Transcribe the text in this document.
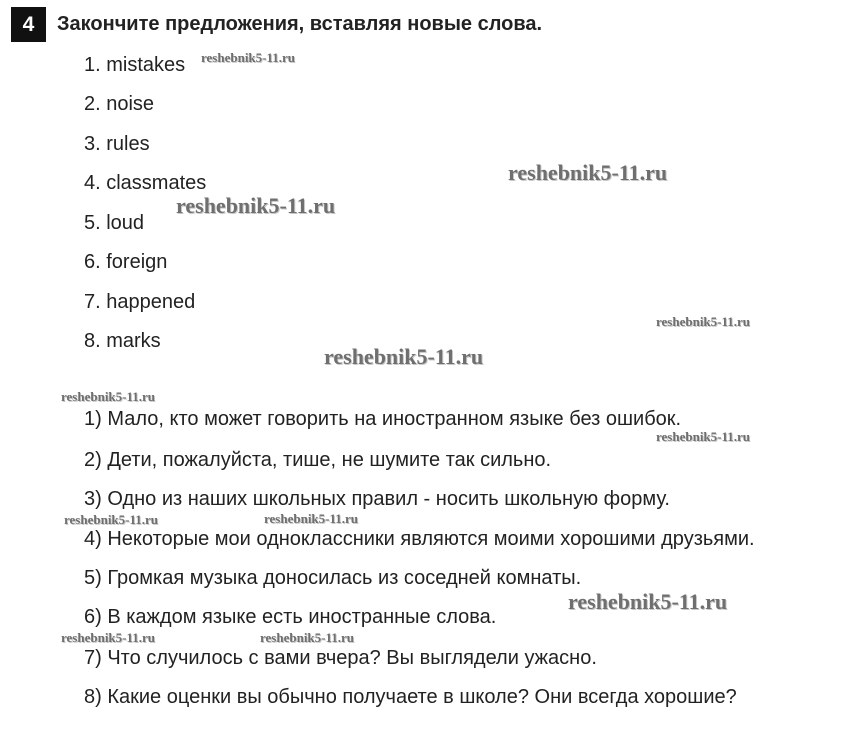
4	Закончите предложения, вставляя новые слова.
1. mistakes
2. noise
3. rules
4. classmates
5. loud
6. foreign
7. happened
8. marks
1) Мало, кто может говорить на иностранном языке без ошибок.
2) Дети, пожалуйста, тише, не шумите так сильно.
3) Одно из наших школьных правил - носить школьную форму.
4) Некоторые мои одноклассники являются моими хорошими друзьями.
5) Громкая музыка доносилась из соседней комнаты.
6) В каждом языке есть иностранные слова.
7) Что случилось с вами вчера? Вы выглядели ужасно.
8) Какие оценки вы обычно получаете в школе? Они всегда хорошие?
reshebnik5-11.ru
reshebnik5-11.ru
reshebnik5-11.ru
reshebnik5-11.ru
reshebnik5-11.ru
reshebnik5-11.ru
reshebnik5-11.ru
reshebnik5-11.ru	reshebnik5-11.ru
reshebnik5-11.ru
reshebnik5-11.ru	reshebnik5-11.ru
